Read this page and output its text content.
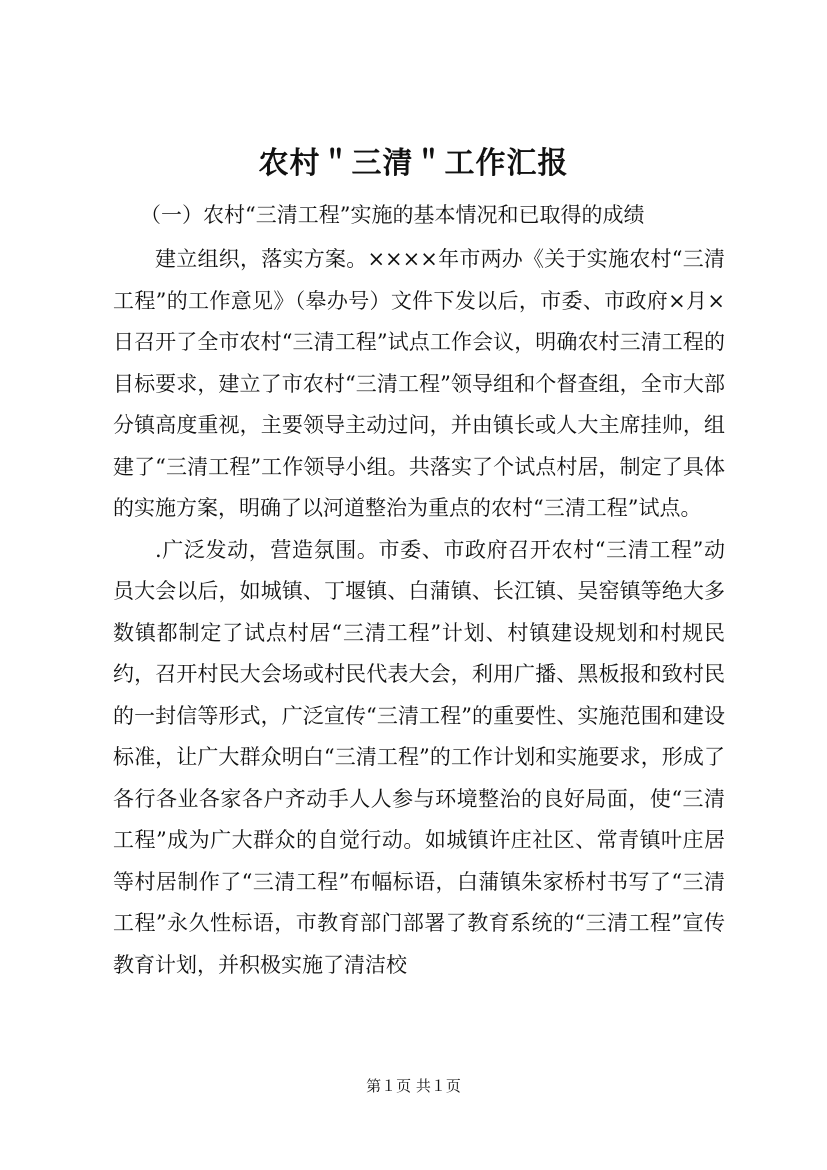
农村＂三清＂工作汇报

（一）农村“三清工程”实施的基本情况和已取得的成绩

建立组织，落实方案。××××年市两办《关于实施农村“三清工程”的工作意见》（皋办号）文件下发以后，市委、市政府×月×日召开了全市农村“三清工程”试点工作会议，明确农村三清工程的目标要求，建立了市农村“三清工程”领导组和个督查组，全市大部分镇高度重视，主要领导主动过问，并由镇长或人大主席挂帅，组建了“三清工程”工作领导小组。共落实了个试点村居，制定了具体的实施方案，明确了以河道整治为重点的农村“三清工程”试点。

.广泛发动，营造氛围。市委、市政府召开农村“三清工程”动员大会以后，如城镇、丁堰镇、白蒲镇、长江镇、吴窑镇等绝大多数镇都制定了试点村居“三清工程”计划、村镇建设规划和村规民约，召开村民大会场或村民代表大会，利用广播、黑板报和致村民的一封信等形式，广泛宣传“三清工程”的重要性、实施范围和建设标准，让广大群众明白“三清工程”的工作计划和实施要求，形成了各行各业各家各户齐动手人人参与环境整治的良好局面，使“三清工程”成为广大群众的自觉行动。如城镇许庄社区、常青镇叶庄居等村居制作了“三清工程”布幅标语，白蒲镇朱家桥村书写了“三清工程”永久性标语，市教育部门部署了教育系统的“三清工程”宣传教育计划，并积极实施了清洁校

第１页 共１页
